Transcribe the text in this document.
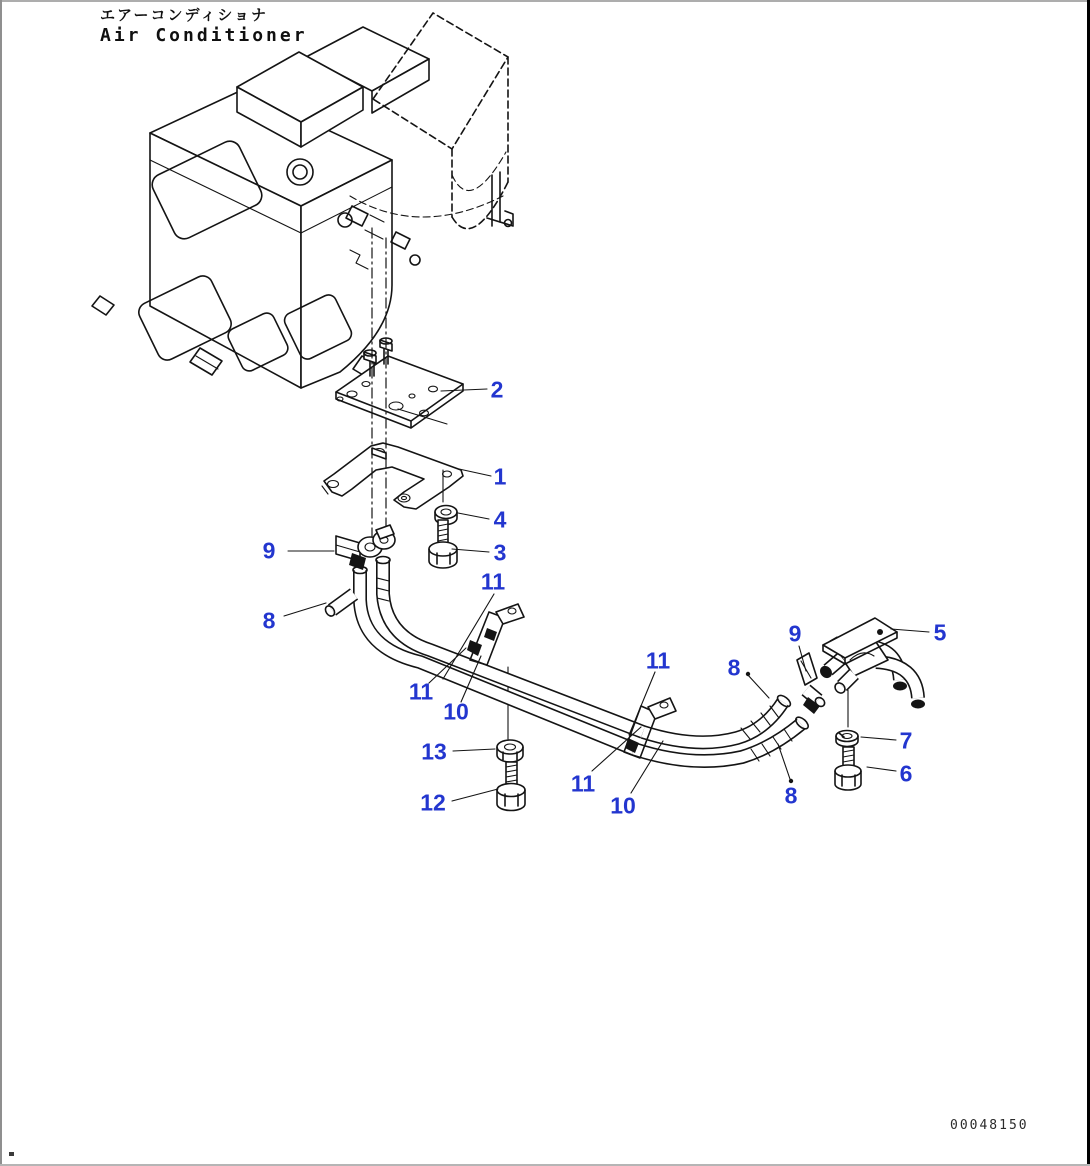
エアーコンディショナ
Air Conditioner
2
1
4
3
11
9
8
11
10
13
12
11 8
9	5
7
6
11
10	8
00048150
